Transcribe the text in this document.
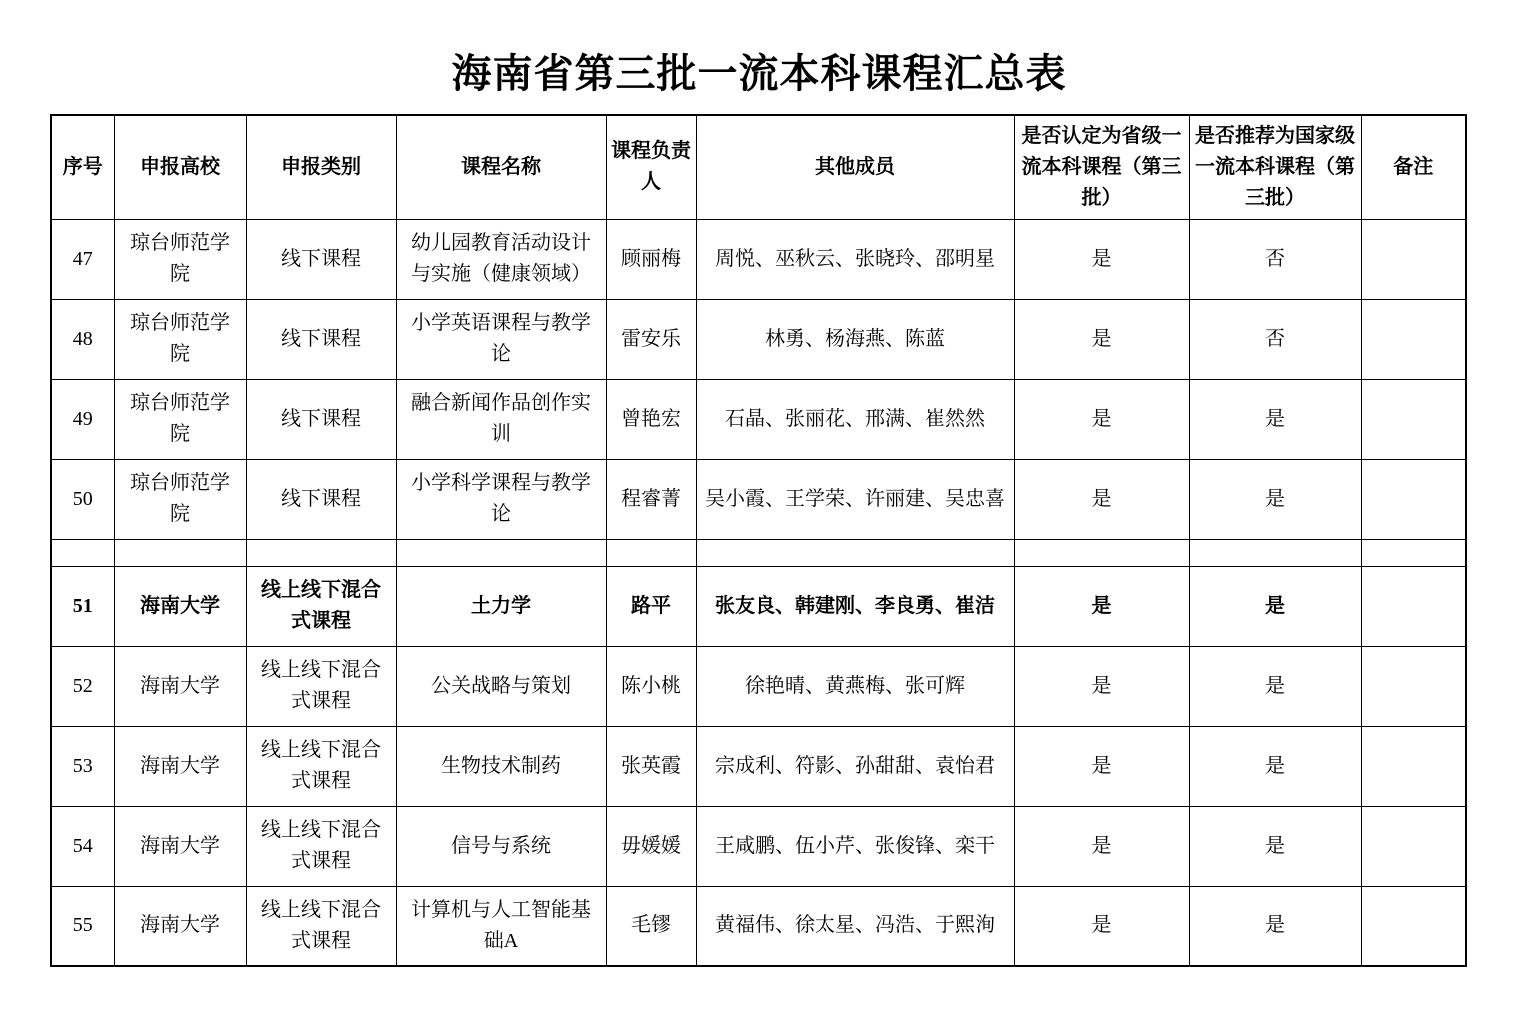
海南省第三批一流本科课程汇总表
序号	申报高校	申报类别	课程名称	课程负责人	其他成员	是否认定为省级一流本科课程（第三批）	是否推荐为国家级一流本科课程（第三批）	备注
47	琼台师范学院	线下课程	幼儿园教育活动设计与实施（健康领域）	顾丽梅	周悦、巫秋云、张晓玲、邵明星	是	否	
48	琼台师范学院	线下课程	小学英语课程与教学论	雷安乐	林勇、杨海燕、陈蓝	是	否	
49	琼台师范学院	线下课程	融合新闻作品创作实训	曾艳宏	石晶、张丽花、邢满、崔然然	是	是	
50	琼台师范学院	线下课程	小学科学课程与教学论	程睿菁	吴小霞、王学荣、许丽建、吴忠喜	是	是	

51	海南大学	线上线下混合式课程	土力学	路平	张友良、韩建刚、李良勇、崔洁	是	是	
52	海南大学	线上线下混合式课程	公关战略与策划	陈小桃	徐艳晴、黄燕梅、张可辉	是	是	
53	海南大学	线上线下混合式课程	生物技术制药	张英霞	宗成利、符影、孙甜甜、袁怡君	是	是	
54	海南大学	线上线下混合式课程	信号与系统	毋媛媛	王咸鹏、伍小芹、张俊锋、栾干	是	是	
55	海南大学	线上线下混合式课程	计算机与人工智能基础A	毛镠	黄福伟、徐太星、冯浩、于熙洵	是	是	
